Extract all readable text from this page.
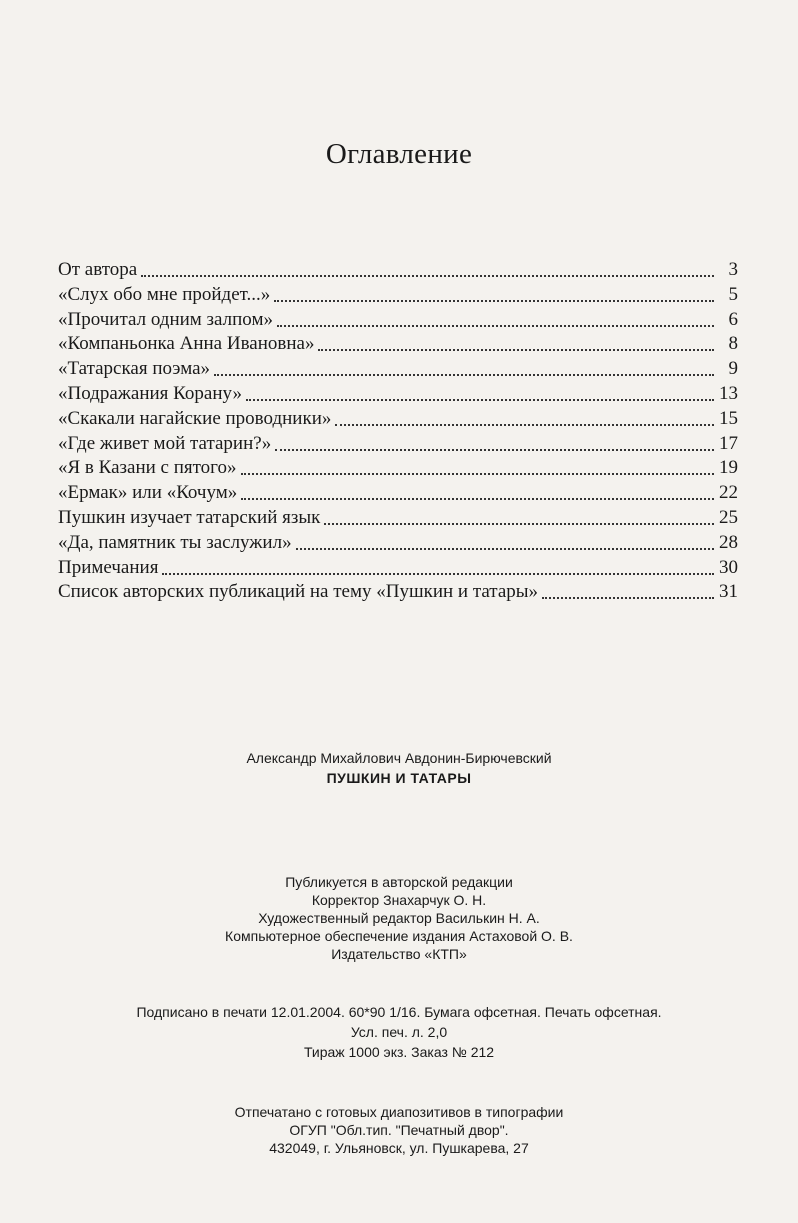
Оглавление
От автора	3
«Слух обо мне пройдет...»	5
«Прочитал одним залпом»	6
«Компаньонка Анна Ивановна»	8
«Татарская поэма»	9
«Подражания Корану»	13
«Скакали нагайские проводники»	15
«Где живет мой татарин?»	17
«Я в Казани с пятого»	19
«Ермак» или «Кочум»	22
Пушкин изучает татарский язык	25
«Да, памятник ты заслужил»	28
Примечания	30
Список авторских публикаций на тему «Пушкин и татары»	31
Александр Михайлович Авдонин-Бирючевский
ПУШКИН И ТАТАРЫ
Публикуется в авторской редакции
Корректор Знахарчук О. Н.
Художественный редактор Василькин Н. А.
Компьютерное обеспечение издания Астаховой О. В.
Издательство «КТП»
Подписано в печати 12.01.2004. 60*90 1/16. Бумага офсетная. Печать офсетная.
Усл. печ. л. 2,0
Тираж 1000 экз. Заказ № 212
Отпечатано с готовых диапозитивов в типографии
ОГУП "Обл.тип. "Печатный двор".
432049, г. Ульяновск, ул. Пушкарева, 27
